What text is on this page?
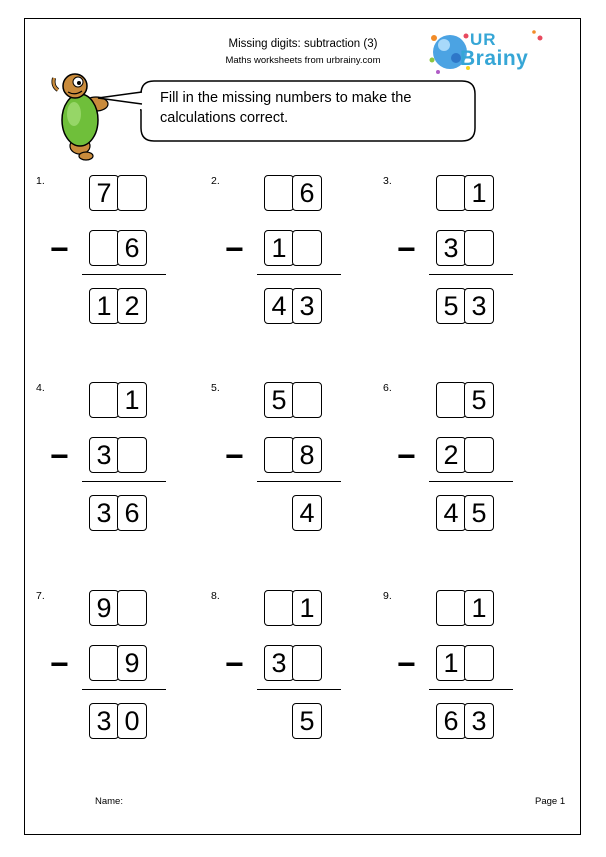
Missing digits: subtraction (3)
Maths worksheets from urbrainy.com
UR
Brainy
Fill in the missing numbers to make the calculations correct.
1. 7
6
1 2
−
2.	6
1
4 3
−
3.	1
3
5 3
−
4.	1
3
3 6
−
5. 5
8
4
−
6.	5
2
4 5
−
7. 9
9
3 0
−
8.	1
3
5
−
9.	1
1
6 3
−
Name:	Page 1
